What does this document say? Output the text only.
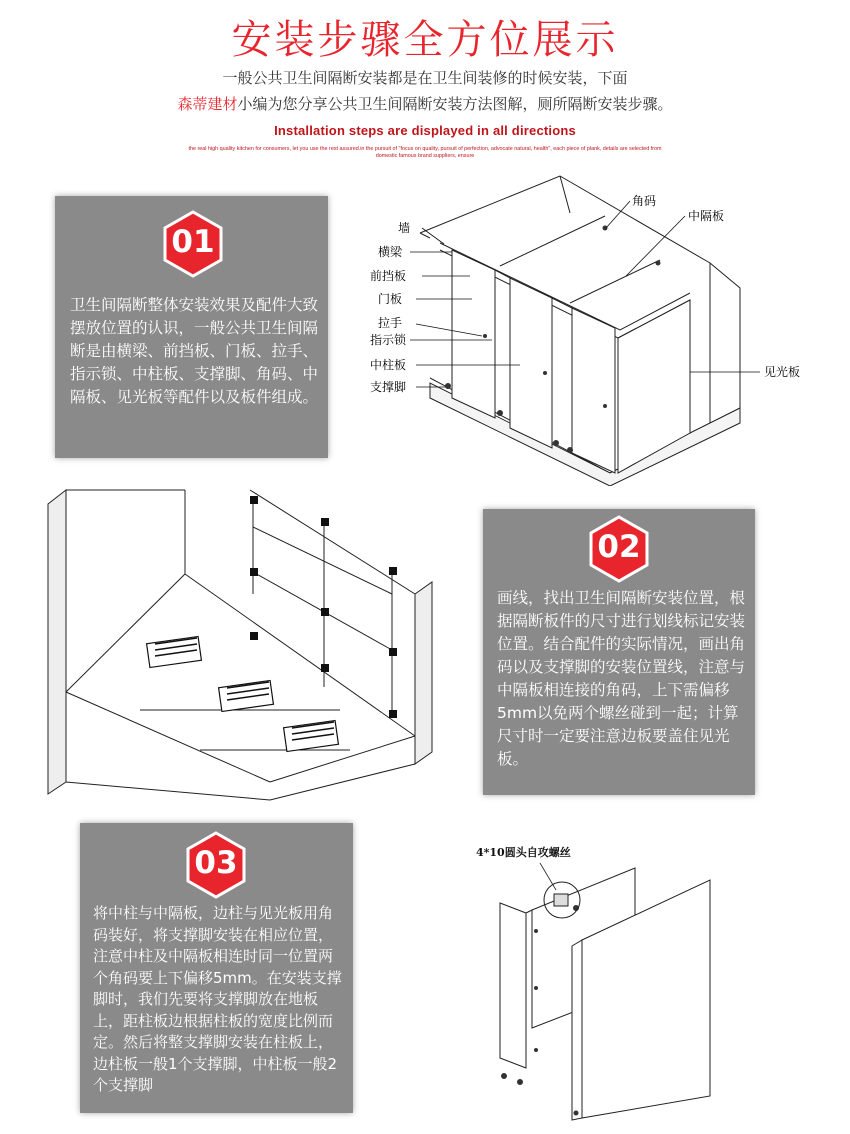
安装步骤全方位展示
一般公共卫生间隔断安装都是在卫生间装修的时候安装，下面
森蒂建材小编为您分享公共卫生间隔断安装方法图解，厕所隔断安装步骤。
Installation steps are displayed in all directions
the real high quality kitchen for consumers, let you use the rest assured.in the pursuit of "focus on quality, pursuit of perfection, advocate natural, health", each piece of plank, details are selected from domestic famous brand suppliers, ensure
01

卫生间隔断整体安装效果及配件大致摆放位置的认识，一般公共卫生间隔断是由横梁、前挡板、门板、拉手、指示锁、中柱板、支撑脚、角码、中隔板、见光板等配件以及板件组成。

墙
横梁
前挡板
门板
拉手
指示锁
中柱板
支撑脚
角码
中隔板
见光板
02

画线，找出卫生间隔断安装位置，根据隔断板件的尺寸进行划线标记安装位置。结合配件的实际情况，画出角码以及支撑脚的安装位置线，注意与中隔板相连接的角码，上下需偏移5mm以免两个螺丝碰到一起；计算尺寸时一定要注意边板要盖住见光板。

03

将中柱与中隔板，边柱与见光板用角码装好，将支撑脚安装在相应位置，注意中柱及中隔板相连时同一位置两个角码要上下偏移5mm。在安装支撑脚时，我们先要将支撑脚放在地板上，距柱板边根据柱板的宽度比例而定。然后将整支撑脚安装在柱板上，边柱板一般1个支撑脚，中柱板一般2个支撑脚

4*10圆头自攻螺丝
